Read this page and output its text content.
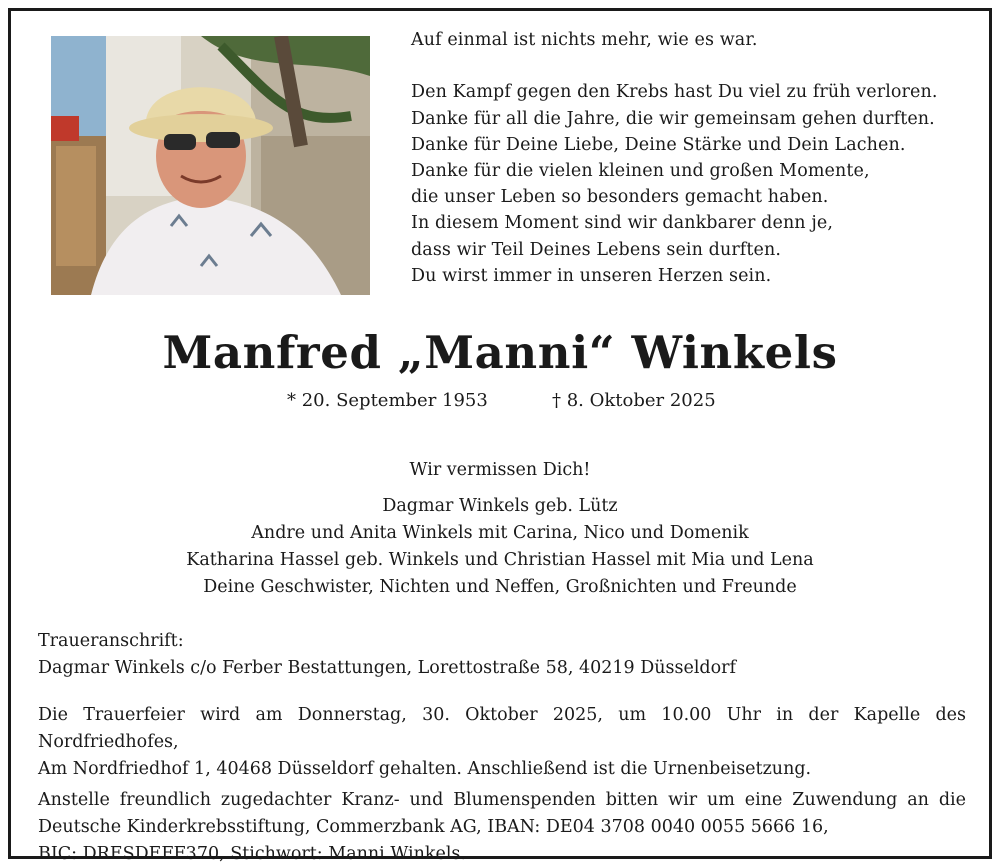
Auf einmal ist nichts mehr, wie es war.
Den Kampf gegen den Krebs hast Du viel zu früh verloren.
Danke für all die Jahre, die wir gemeinsam gehen durften.
Danke für Deine Liebe, Deine Stärke und Dein Lachen.
Danke für die vielen kleinen und großen Momente,
die unser Leben so besonders gemacht haben.
In diesem Moment sind wir dankbarer denn je,
dass wir Teil Deines Lebens sein durften.
Du wirst immer in unseren Herzen sein.
Manfred „Manni“ Winkels
* 20. September 1953	† 8. Oktober 2025
Wir vermissen Dich!
Dagmar Winkels geb. Lütz
Andre und Anita Winkels mit Carina, Nico und Domenik
Katharina Hassel geb. Winkels und Christian Hassel mit Mia und Lena
Deine Geschwister, Nichten und Neffen, Großnichten und Freunde
Traueranschrift:
Dagmar Winkels c/o Ferber Bestattungen, Lorettostraße 58, 40219 Düsseldorf
Die Trauerfeier wird am Donnerstag, 30. Oktober 2025, um 10.00 Uhr in der Kapelle des Nordfriedhofes,
Am Nordfriedhof 1, 40468 Düsseldorf gehalten. Anschließend ist die Urnenbeisetzung.
Anstelle freundlich zugedachter Kranz- und Blumenspenden bitten wir um eine Zuwendung an die
Deutsche Kinderkrebsstiftung, Commerzbank AG, IBAN: DE04 3708 0040 0055 5666 16,
BIC: DRESDEFF370, Stichwort: Manni Winkels.
